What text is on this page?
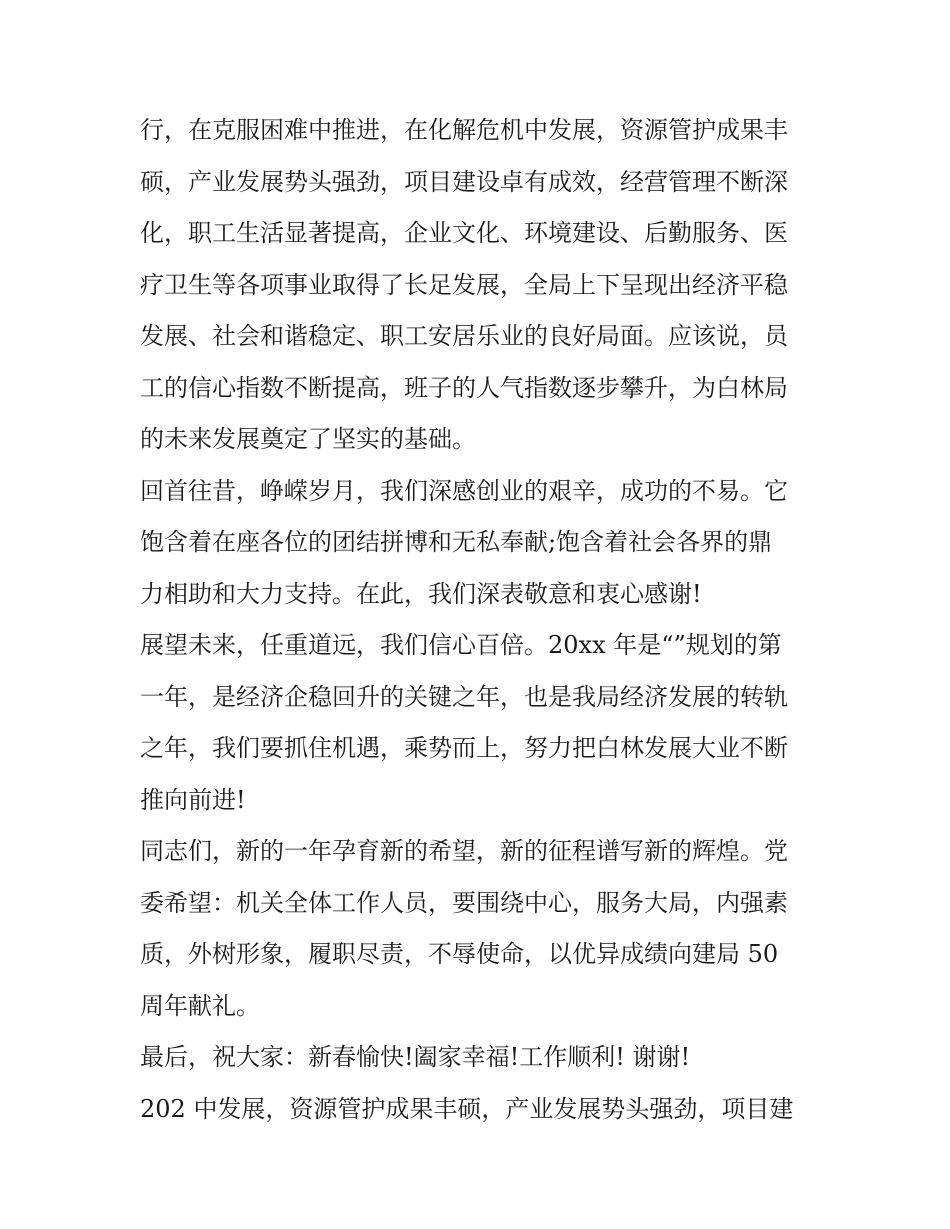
行，在克服困难中推进，在化解危机中发展，资源管护成果丰
硕，产业发展势头强劲，项目建设卓有成效，经营管理不断深
化，职工生活显著提高，企业文化、环境建设、后勤服务、医
疗卫生等各项事业取得了长足发展，全局上下呈现出经济平稳
发展、社会和谐稳定、职工安居乐业的良好局面。应该说，员
工的信心指数不断提高，班子的人气指数逐步攀升，为白林局
的未来发展奠定了坚实的基础。
回首往昔，峥嵘岁月，我们深感创业的艰辛，成功的不易。它
饱含着在座各位的团结拼博和无私奉献;饱含着社会各界的鼎
力相助和大力支持。在此，我们深表敬意和衷心感谢!
展望未来，任重道远，我们信心百倍。20xx 年是“”规划的第
一年，是经济企稳回升的关键之年，也是我局经济发展的转轨
之年，我们要抓住机遇，乘势而上，努力把白林发展大业不断
推向前进!
同志们，新的一年孕育新的希望，新的征程谱写新的辉煌。党
委希望：机关全体工作人员，要围绕中心，服务大局，内强素
质，外树形象，履职尽责，不辱使命，以优异成绩向建局 50
周年献礼。
最后，祝大家：新春愉快!阖家幸福!工作顺利! 谢谢!
202 中发展，资源管护成果丰硕，产业发展势头强劲，项目建
